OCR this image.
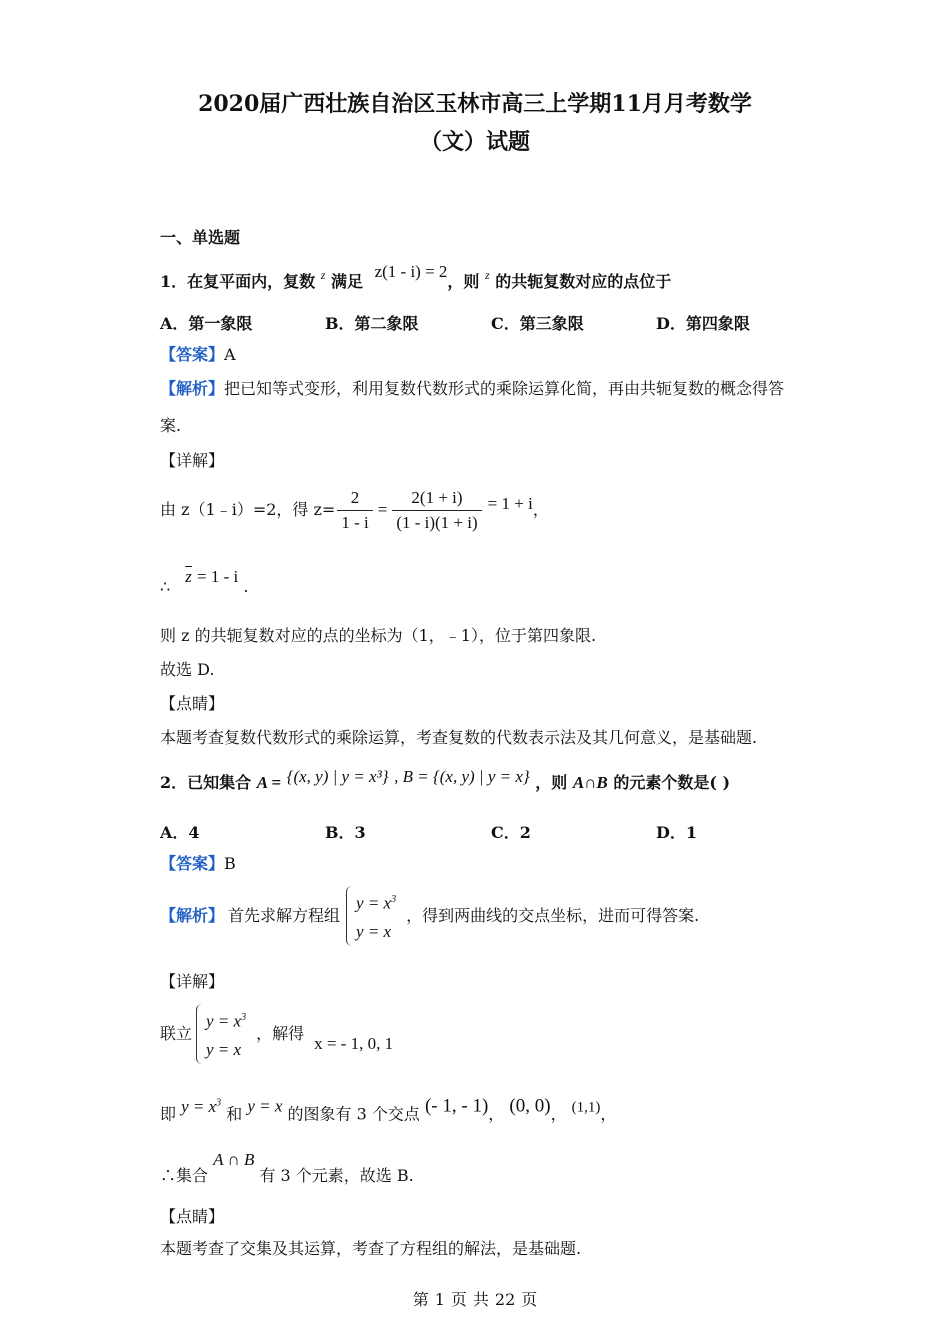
2020届广西壮族自治区玉林市高三上学期11月月考数学
（文）试题
一、单选题
1．在复平面内，复数 $^z$ 满足 z(1 - i) = 2，则 $^z$ 的共轭复数对应的点位于
A．第一象限	B．第二象限	C．第三象限	D．第四象限
【答案】A
【解析】把已知等式变形，利用复数代数形式的乘除运算化简，再由共轭复数的概念得答
案.
【详解】
由 z（1﹣i）=2，得 $z= \frac{2}{1 - i} = \frac{2(1 + i)}{(1 - i)(1 + i)} = 1 + i$ ，
∴ $\overline{z} = 1 - i$ .
则 z 的共轭复数对应的点的坐标为（1，﹣1），位于第四象限.
故选 D.
【点睛】
本题考查复数代数形式的乘除运算，考查复数的代数表示法及其几何意义，是基础题.
2．已知集合 A = {(x, y) | y = x³} , B = {(x, y) | y = x} ，则 A∩B 的元素个数是( )
A．4	B．3	C．2	D．1
【答案】B
【解析】 首先求解方程组
$y = x^3$
y = x
，得到两曲线的交点坐标，进而可得答案.
【详解】
联立
$y = x^3$
y = x
，解得
x = - 1, 0, 1
即 $y = x^3$ 和 y = x 的图象有 3 个交点 (- 1, - 1)， (0, 0)， (1,1)，
∴集合 A ∩ B 有 3 个元素，故选 B.
【点睛】
本题考查了交集及其运算，考查了方程组的解法，是基础题.
第 1 页 共 22 页
